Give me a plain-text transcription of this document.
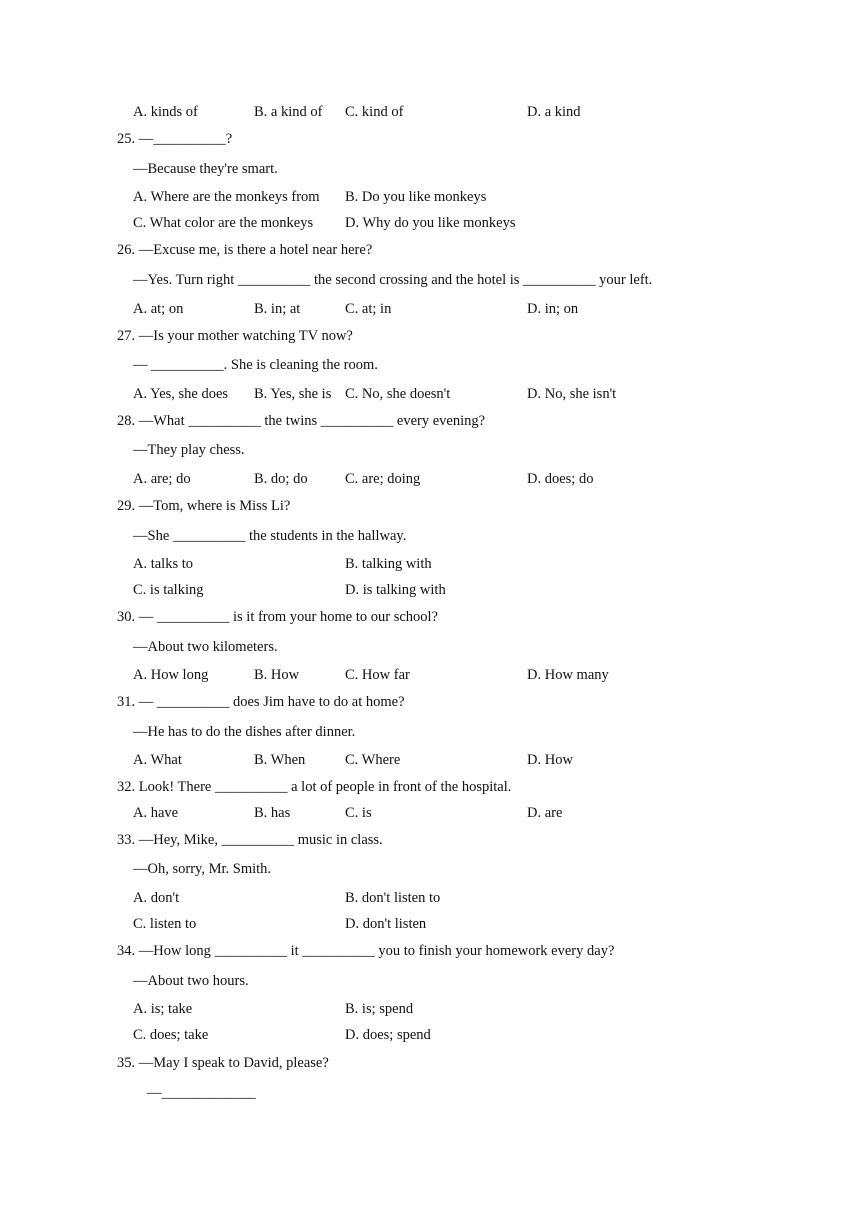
A. kinds of	B. a kind of C. kind of	D. a kind
25. —__________?
—Because they're smart.
A. Where are the monkeys from B. Do you like monkeys
C. What color are the monkeys D. Why do you like monkeys
26. —Excuse me, is there a hotel near here?
—Yes. Turn right __________ the second crossing and the hotel is __________ your left.
A. at; on	B. in; at	C. at; in	D. in; on
27. —Is your mother watching TV now?
— __________. She is cleaning the room.
A. Yes, she does B. Yes, she is C. No, she doesn't	D. No, she isn't
28. —What __________ the twins __________ every evening?
—They play chess.
A. are; do	B. do; do	C. are; doing	D. does; do
29. —Tom, where is Miss Li?
—She __________ the students in the hallway.
A. talks to	B. talking with
C. is talking	D. is talking with
30. — __________ is it from your home to our school?
—About two kilometers.
A. How long	B. How	C. How far	D. How many
31. — __________ does Jim have to do at home?
—He has to do the dishes after dinner.
A. What	B. When	C. Where	D. How
32. Look! There __________ a lot of people in front of the hospital.
A. have	B. has	C. is	D. are
33. —Hey, Mike, __________ music in class.
—Oh, sorry, Mr. Smith.
A. don't	B. don't listen to
C. listen to	D. don't listen
34. —How long __________ it __________ you to finish your homework every day?
—About two hours.
A. is; take	B. is; spend
C. does; take	D. does; spend
35. —May I speak to David, please?
—_____________
